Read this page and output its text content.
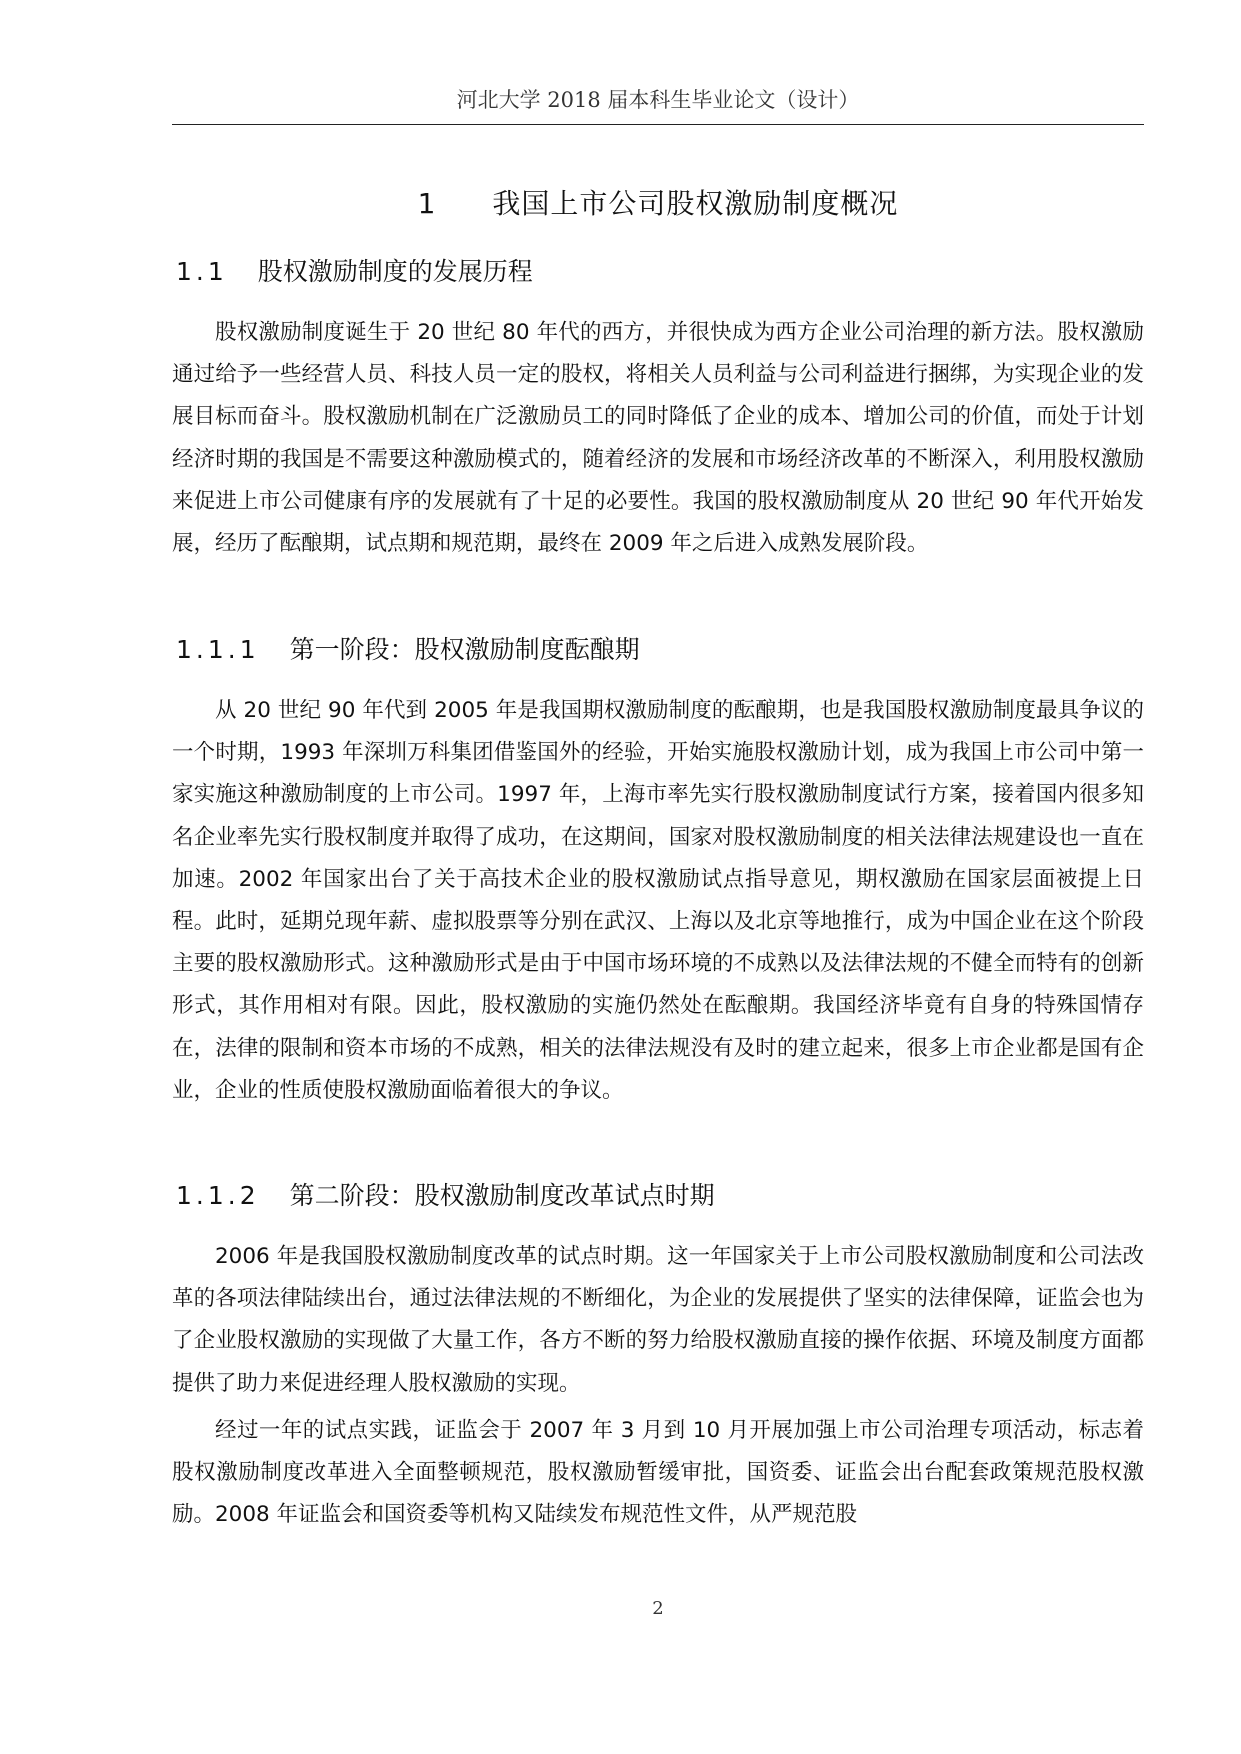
河北大学 2018 届本科生毕业论文（设计）
1 我国上市公司股权激励制度概况
1.1 股权激励制度的发展历程

股权激励制度诞生于 20 世纪 80 年代的西方，并很快成为西方企业公司治理的新方法。股权激励通过给予一些经营人员、科技人员一定的股权，将相关人员利益与公司利益进行捆绑，为实现企业的发展目标而奋斗。股权激励机制在广泛激励员工的同时降低了企业的成本、增加公司的价值，而处于计划经济时期的我国是不需要这种激励模式的，随着经济的发展和市场经济改革的不断深入，利用股权激励来促进上市公司健康有序的发展就有了十足的必要性。我国的股权激励制度从 20 世纪 90 年代开始发展，经历了酝酿期，试点期和规范期，最终在 2009 年之后进入成熟发展阶段。

1.1.1 第一阶段：股权激励制度酝酿期

从 20 世纪 90 年代到 2005 年是我国期权激励制度的酝酿期，也是我国股权激励制度最具争议的一个时期，1993 年深圳万科集团借鉴国外的经验，开始实施股权激励计划，成为我国上市公司中第一家实施这种激励制度的上市公司。1997 年，上海市率先实行股权激励制度试行方案，接着国内很多知名企业率先实行股权制度并取得了成功，在这期间，国家对股权激励制度的相关法律法规建设也一直在加速。2002 年国家出台了关于高技术企业的股权激励试点指导意见，期权激励在国家层面被提上日程。此时，延期兑现年薪、虚拟股票等分别在武汉、上海以及北京等地推行，成为中国企业在这个阶段主要的股权激励形式。这种激励形式是由于中国市场环境的不成熟以及法律法规的不健全而特有的创新形式，其作用相对有限。因此，股权激励的实施仍然处在酝酿期。我国经济毕竟有自身的特殊国情存在，法律的限制和资本市场的不成熟，相关的法律法规没有及时的建立起来，很多上市企业都是国有企业，企业的性质使股权激励面临着很大的争议。

1.1.2 第二阶段：股权激励制度改革试点时期

2006 年是我国股权激励制度改革的试点时期。这一年国家关于上市公司股权激励制度和公司法改革的各项法律陆续出台，通过法律法规的不断细化，为企业的发展提供了坚实的法律保障，证监会也为了企业股权激励的实现做了大量工作，各方不断的努力给股权激励直接的操作依据、环境及制度方面都提供了助力来促进经理人股权激励的实现。

经过一年的试点实践，证监会于 2007 年 3 月到 10 月开展加强上市公司治理专项活动，标志着股权激励制度改革进入全面整顿规范，股权激励暂缓审批，国资委、证监会出台配套政策规范股权激励。2008 年证监会和国资委等机构又陆续发布规范性文件，从严规范股

2
